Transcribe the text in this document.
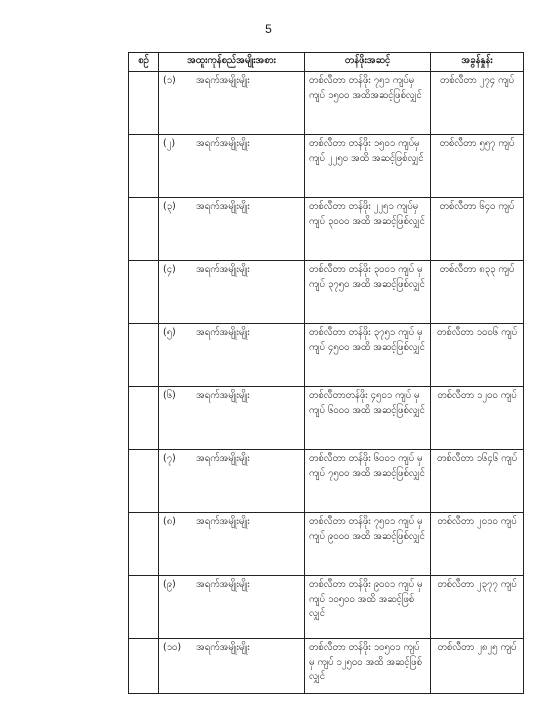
5
စဉ်	အထူးကုန်စည်အမျိုးအစား	တန်ဖိုးအဆင့်	အခွန်နှုန်း
	(၁) အရက်အမျိုးမျိုး	တစ်လီတာ တန်ဖိုး ၇၅၁ ကျပ်မှ ကျပ် ၁၅၀၀ အထိအဆင့်ဖြစ်လျှင်	တစ်လီတာ ၂၇၄ ကျပ်
	(၂) အရက်အမျိုးမျိုး	တစ်လီတာ တန်ဖိုး ၁၅၀၁ ကျပ်မှ ကျပ် ၂၂၅၀ အထိ အဆင့်ဖြစ်လျှင်	တစ်လီတာ ၅၅၇ ကျပ်
	(၃) အရက်အမျိုးမျိုး	တစ်လီတာ တန်ဖိုး ၂၂၅၁ ကျပ်မှ ကျပ် ၃၀၀၀ အထိ အဆင့်ဖြစ်လျှင်	တစ်လီတာ ၆၄၀ ကျပ်
	(၄) အရက်အမျိုးမျိုး	တစ်လီတာ တန်ဖိုး ၃၀၀၁ ကျပ် မှ ကျပ် ၃၇၅၀ အထိ အဆင့်ဖြစ်လျှင်	တစ်လီတာ ၈၃၃ ကျပ်
	(၅) အရက်အမျိုးမျိုး	တစ်လီတာ တန်ဖိုး ၃၇၅၁ ကျပ် မှ ကျပ် ၄၅၀၀ အထိ အဆင့်ဖြစ်လျှင်	တစ်လီတာ ၁၀၀၆ ကျပ်
	(၆) အရက်အမျိုးမျိုး	တစ်လီတာတန်ဖိုး ၄၅၀၁ ကျပ် မှ ကျပ် ၆၀၀၀ အထိ အဆင့်ဖြစ်လျှင်	တစ်လီတာ ၁၂၀၀ ကျပ်
	(၇) အရက်အမျိုးမျိုး	တစ်လီတာ တန်ဖိုး ၆၀၀၁ ကျပ် မှ ကျပ် ၇၅၀၀ အထိ အဆင့်ဖြစ်လျှင်	တစ်လီတာ ၁၆၄၆ ကျပ်
	(၈) အရက်အမျိုးမျိုး	တစ်လီတာ တန်ဖိုး ၇၅၀၁ ကျပ် မှ ကျပ် ၉၀၀၀ အထိ အဆင့်ဖြစ်လျှင်	တစ်လီတာ ၂၀၁၀ ကျပ်
	(၉) အရက်အမျိုးမျိုး	တစ်လီတာ တန်ဖိုး ၉၀၀၁ ကျပ် မှ ကျပ် ၁၀၅၀၀ အထိ အဆင့်ဖြစ်လျှင်	တစ်လီတာ ၂၃၇၇ ကျပ်
	(၁၀) အရက်အမျိုးမျိုး	တစ်လီတာ တန်ဖိုး ၁၀၅၀၁ ကျပ် မှ ကျပ် ၁၂၅၀၀ အထိ အဆင့်ဖြစ်လျှင်	တစ်လီတာ ၂၈၂၅ ကျပ်
